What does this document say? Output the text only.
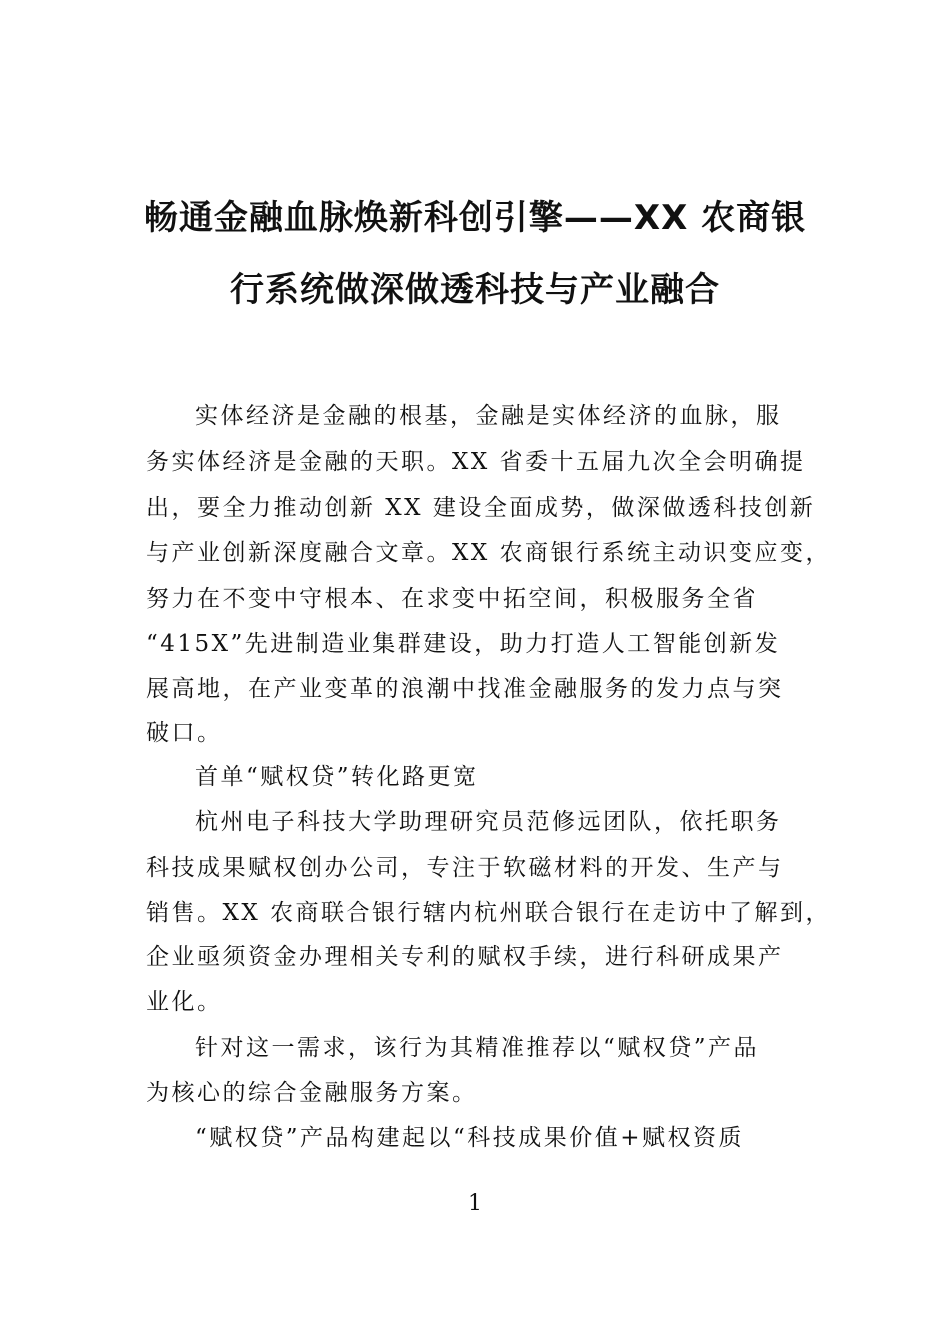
畅通金融血脉焕新科创引擎——XX 农商银
行系统做深做透科技与产业融合
实体经济是金融的根基，金融是实体经济的血脉，服
务实体经济是金融的天职。XX 省委十五届九次全会明确提
出，要全力推动创新 XX 建设全面成势，做深做透科技创新
与产业创新深度融合文章。XX 农商银行系统主动识变应变，
努力在不变中守根本、在求变中拓空间，积极服务全省
“415X”先进制造业集群建设，助力打造人工智能创新发
展高地，在产业变革的浪潮中找准金融服务的发力点与突
破口。
首单“赋权贷”转化路更宽
杭州电子科技大学助理研究员范修远团队，依托职务
科技成果赋权创办公司，专注于软磁材料的开发、生产与
销售。XX 农商联合银行辖内杭州联合银行在走访中了解到，
企业亟须资金办理相关专利的赋权手续，进行科研成果产
业化。
针对这一需求，该行为其精准推荐以“赋权贷”产品
为核心的综合金融服务方案。
“赋权贷”产品构建起以“科技成果价值+赋权资质
1
